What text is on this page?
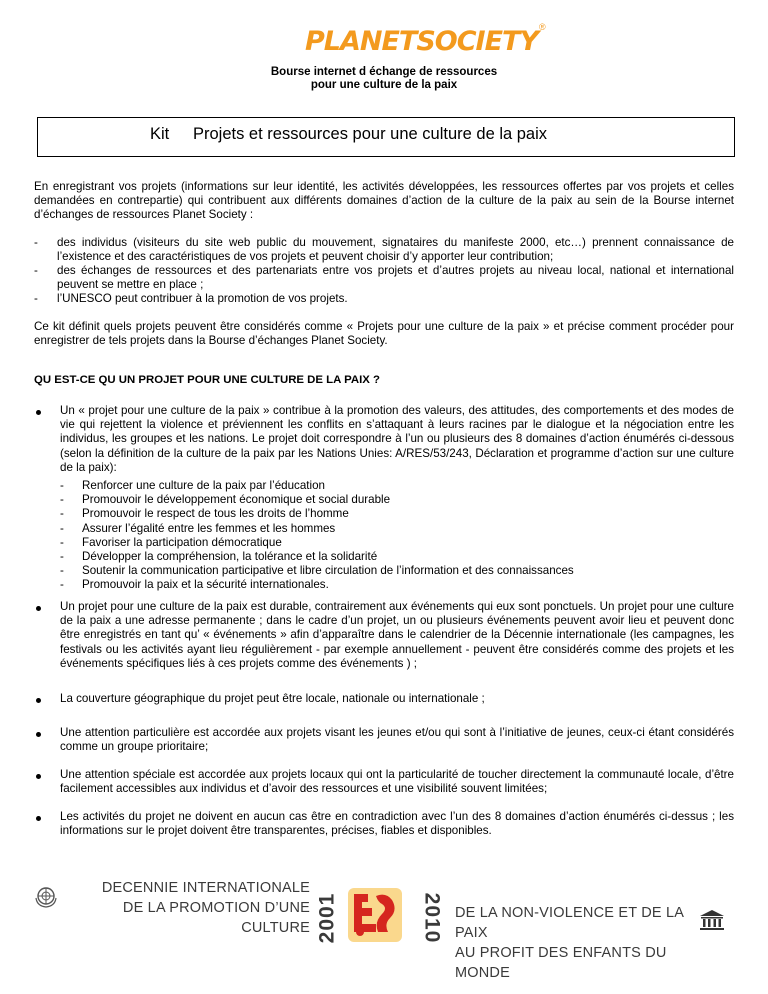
PLANETSOCIETY®
Bourse internet d échange de ressources
pour une culture de la paix
Kit Projets et ressources pour une culture de la paix
En enregistrant vos projets (informations sur leur identité, les activités développées, les ressources offertes par vos projets et celles demandées en contrepartie) qui contribuent aux différents domaines d’action de la culture de la paix au sein de la Bourse internet d’échanges de ressources Planet Society :
- des individus (visiteurs du site web public du mouvement, signataires du manifeste 2000, etc…) prennent connaissance de l’existence et des caractéristiques de vos projets et peuvent choisir d’y apporter leur contribution;
- des échanges de ressources et des partenariats entre vos projets et d’autres projets au niveau local, national et international peuvent se mettre en place ;
- l’UNESCO peut contribuer à la promotion de vos projets.
Ce kit définit quels projets peuvent être considérés comme « Projets pour une culture de la paix » et précise comment procéder pour enregistrer de tels projets dans la Bourse d’échanges Planet Society.
QU EST-CE QU UN PROJET POUR UNE CULTURE DE LA PAIX ?
Un « projet pour une culture de la paix » contribue à la promotion des valeurs, des attitudes, des comportements et des modes de vie qui rejettent la violence et préviennent les conflits en s’attaquant à leurs racines par le dialogue et la négociation entre les individus, les groupes et les nations. Le projet doit correspondre à l’un ou plusieurs des 8 domaines d’action énumérés ci-dessous (selon la définition de la culture de la paix par les Nations Unies: A/RES/53/243, Déclaration et programme d’action sur une culture de la paix):
- Renforcer une culture de la paix par l’éducation
- Promouvoir le développement économique et social durable
- Promouvoir le respect de tous les droits de l’homme
- Assurer l’égalité entre les femmes et les hommes
- Favoriser la participation démocratique
- Développer la compréhension, la tolérance et la solidarité
- Soutenir la communication participative et libre circulation de l’information et des connaissances
- Promouvoir la paix et la sécurité internationales.
Un projet pour une culture de la paix est durable, contrairement aux événements qui eux sont ponctuels. Un projet pour une culture de la paix a une adresse permanente ; dans le cadre d’un projet, un ou plusieurs événements peuvent avoir lieu et peuvent donc être enregistrés en tant qu’ « événements » afin d’apparaître dans le calendrier de la Décennie internationale (les campagnes, les festivals ou les activités ayant lieu régulièrement - par exemple annuellement - peuvent être considérés comme des projets et les événements spécifiques liés à ces projets comme des événements ) ;
La couverture géographique du projet peut être locale, nationale ou internationale ;
Une attention particulière est accordée aux projets visant les jeunes et/ou qui sont à l’initiative de jeunes, ceux-ci étant considérés comme un groupe prioritaire;
Une attention spéciale est accordée aux projets locaux qui ont la particularité de toucher directement la communauté locale, d’être facilement accessibles aux individus et d’avoir des ressources et une visibilité souvent limitées;
Les activités du projet ne doivent en aucun cas être en contradiction avec l’un des 8 domaines d’action énumérés ci-dessus ; les informations sur le projet doivent être transparentes, précises, fiables et disponibles.
DECENNIE INTERNATIONALE
DE LA PROMOTION D’UNE CULTURE 2001	2010 DE LA NON-VIOLENCE ET DE LA PAIX
AU PROFIT DES ENFANTS DU MONDE
